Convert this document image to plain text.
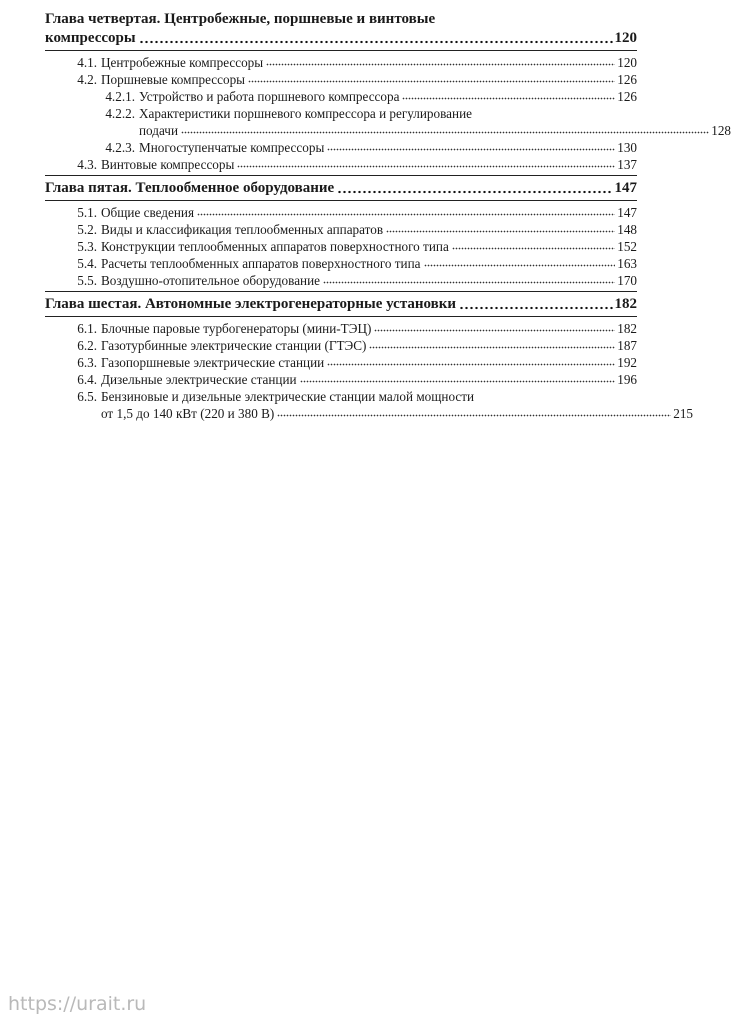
Глава четвертая. Центробежные, поршневые и винтовые
компрессоры	120
4.1. Центробежные компрессоры	120
4.2. Поршневые компрессоры	126
4.2.1. Устройство и работа поршневого компрессора	126
4.2.2. Характеристики поршневого компрессора и регулирование
подачи	128
4.2.3. Многоступенчатые компрессоры	130
4.3. Винтовые компрессоры	137
Глава пятая. Теплообменное оборудование	147
5.1. Общие сведения	147
5.2. Виды и классификация теплообменных аппаратов	148
5.3. Конструкции теплообменных аппаратов поверхностного типа	152
5.4. Расчеты теплообменных аппаратов поверхностного типа	163
5.5. Воздушно-отопительное оборудование	170
Глава шестая. Автономные электрогенераторные установки	182
6.1. Блочные паровые турбогенераторы (мини-ТЭЦ)	182
6.2. Газотурбинные электрические станции (ГТЭС)	187
6.3. Газопоршневые электрические станции	192
6.4. Дизельные электрические станции	196
6.5. Бензиновые и дизельные электрические станции малой мощности
от 1,5 до 140 кВт (220 и 380 В)	215
https://urait.ru
